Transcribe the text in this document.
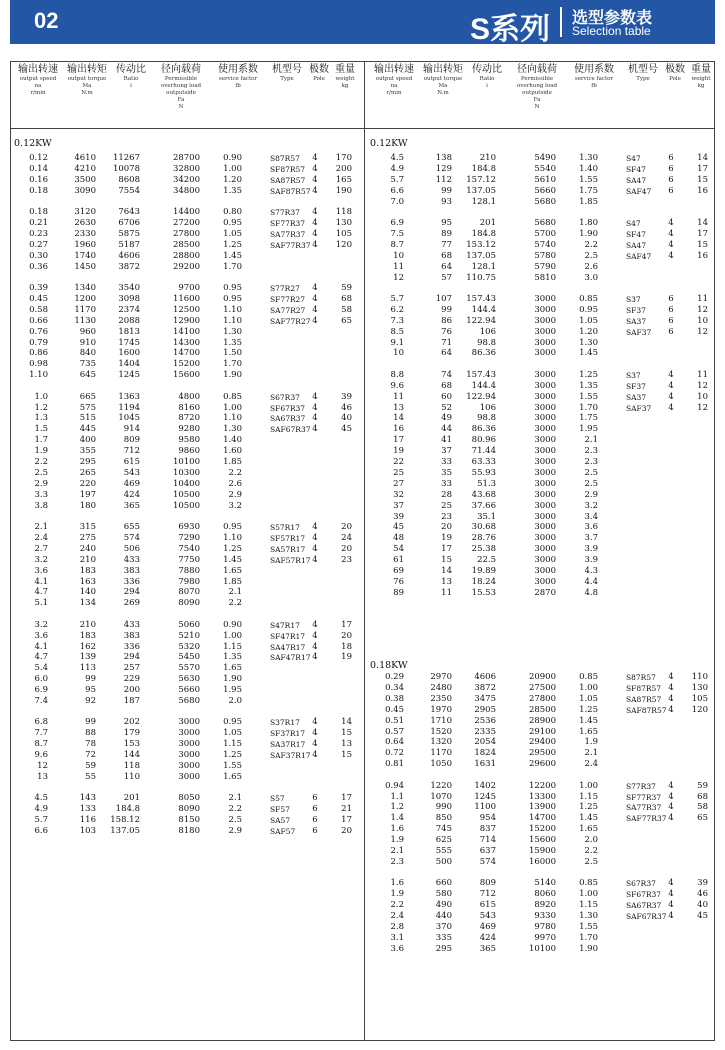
02	S系列 选型参数表
Selection table
输出转速
output speed
na
r/min
输出转矩
output torque Ma
N.m
传动比
Ratio
i
径向载荷
Permissible overhung load outputside
Fa
N
使用系数
service factor
fb
机型号
Type
极数
Pole
重量
weight
kg
输出转速
output speed
na
r/min
输出转矩
output torque Ma
N.m
传动比
Ratio
i
径向载荷
Permissible overhung load outputside
Fa
N
使用系数
service factor
fb
机型号
Type
极数
Pole
重量
weight
kg
0.12KW
0.12	4610	11267	28700	0.90	S87R57	4	170
0.14	4210	10078	32800	1.00	SF87R57 4	200
0.16	3500	8608	34200	1.20	SA87R57 4	165
0.18	3090	7554	34800	1.35	SAF87R57 4	190
0.18	3120	7643	14400	0.80	S77R37	4	118
0.21	2630	6706	27200	0.95	SF77R37 4	130
0.23	2330	5875	27800	1.05	SA77R37 4	105
0.27	1960	5187	28500	1.25	SAF77R37 4	120
0.30	1740	4606	28800	1.45
0.36	1450	3872	29200	1.70
0.39	1340	3540	9700	0.95	S77R27	4	59
0.45	1200	3098	11600	0.95	SF77R27 4	68
0.58	1170	2374	12500	1.10	SA77R27 4	58
0.66	1130	2088	12900	1.10	SAF77R27 4	65
0.76	960	1813	14100	1.30
0.79	910	1745	14300	1.35
0.86	840	1600	14700	1.50
0.98	735	1404	15200	1.70
1.10	645	1245	15600	1.90
1.0	665	1363	4800	0.85	S67R37	4	39
1.2	575	1194	8160	1.00	SF67R37 4	46
1.3	515	1045	8720	1.10	SA67R37 4	40
1.5	445	914	9280	1.30	SAF67R37 4	45
1.7	400	809	9580	1.40
1.9	355	712	9860	1.60
2.2	295	615	10100	1.85
2.5	265	543	10300	2.2
2.9	220	469	10400	2.6
3.3	197	424	10500	2.9
3.8	180	365	10500	3.2
2.1	315	655	6930	0.95	S57R17	4	20
2.4	275	574	7290	1.10	SF57R17 4	24
2.7	240	506	7540	1.25	SA57R17 4	20
3.2	210	433	7750	1.45	SAF57R17 4	23
3.6	183	383	7880	1.65
4.1	163	336	7980	1.85
4.7	140	294	8070	2.1
5.1	134	269	8090	2.2
3.2	210	433	5060	0.90	S47R17	4	17
3.6	183	383	5210	1.00	SF47R17 4	20
4.1	162	336	5320	1.15	SA47R17 4	18
4.7	139	294	5450	1.35	SAF47R17 4	19
5.4	113	257	5570	1.65
6.0	99	229	5630	1.90
6.9	95	200	5660	1.95
7.4	92	187	5680	2.0
6.8	99	202	3000	0.95	S37R17	4	14
7.7	88	179	3000	1.05	SF37R17 4	15
8.7	78	153	3000	1.15	SA37R17 4	13
9.6	72	144	3000	1.25	SAF37R17 4	15
12	59	118	3000	1.55
13	55	110	3000	1.65
4.5	143	201	8050	2.1	S57	6	17
4.9	133	184.8	8090	2.2	SF57	6	21
5.7	116	158.12	8150	2.5	SA57	6	17
6.6	103	137.05	8180	2.9	SAF57	6	20
0.12KW
4.5	138	210	5490	1.30	S47	6	14
4.9	129	184.8	5540	1.40	SF47	6	17
5.7	112	157.12	5610	1.55	SA47	6	15
6.6	99	137.05	5660	1.75	SAF47	6	16
7.0	93	128.1	5680	1.85
6.9	95	201	5680	1.80	S47	4	14
7.5	89	184.8	5700	1.90	SF47	4	17
8.7	77	153.12	5740	2.2	SA47	4	15
10	68	137.05	5780	2.5	SAF47	4	16
11	64	128.1	5790	2.6
12	57	110.75	5810	3.0
5.7	107	157.43	3000	0.85	S37	6	11
6.2	99	144.4	3000	0.95	SF37	6	12
7.3	86	122.94	3000	1.05	SA37	6	10
8.5	76	106	3000	1.20	SAF37	6	12
9.1	71	98.8	3000	1.30
10	64	86.36	3000	1.45
8.8	74	157.43	3000	1.25	S37	4	11
9.6	68	144.4	3000	1.35	SF37	4	12
11	60	122.94	3000	1.55	SA37	4	10
13	52	106	3000	1.70	SAF37	4	12
14	49	98.8	3000	1.75
16	44	86.36	3000	1.95
17	41	80.96	3000	2.1
19	37	71.44	3000	2.3
22	33	63.33	3000	2.3
25	35	55.93	3000	2.5
27	33	51.3	3000	2.5
32	28	43.68	3000	2.9
37	25	37.66	3000	3.2
39	23	35.1	3000	3.4
45	20	30.68	3000	3.6
48	19	28.76	3000	3.7
54	17	25.38	3000	3.9
61	15	22.5	3000	3.9
69	14	19.89	3000	4.3
76	13	18.24	3000	4.4
89	11	15.53	2870	4.8
0.18KW
0.29	2970	4606	20900	0.85	S87R57	4	110
0.34	2480	3872	27500	1.00	SF87R57 4	130
0.38	2350	3475	27800	1.05	SA87R57 4	105
0.45	1970	2905	28500	1.25	SAF87R57 4	120
0.51	1710	2536	28900	1.45
0.57	1520	2335	29100	1.65
0.64	1320	2054	29400	1.9
0.72	1170	1824	29500	2.1
0.81	1050	1631	29600	2.4
0.94	1220	1402	12200	1.00	S77R37	4	59
1.1	1070	1245	13300	1.15	SF77R37 4	68
1.2	990	1100	13900	1.25	SA77R37 4	58
1.4	850	954	14700	1.45	SAF77R37 4	65
1.6	745	837	15200	1.65
1.9	625	714	15600	2.0
2.1	555	637	15900	2.2
2.3	500	574	16000	2.5
1.6	660	809	5140	0.85	S67R37	4	39
1.9	580	712	8060	1.00	SF67R37 4	46
2.2	490	615	8920	1.15	SA67R37 4	40
2.4	440	543	9330	1.30	SAF67R37 4	45
2.8	370	469	9780	1.55
3.1	335	424	9970	1.70
3.6	295	365	10100	1.90
